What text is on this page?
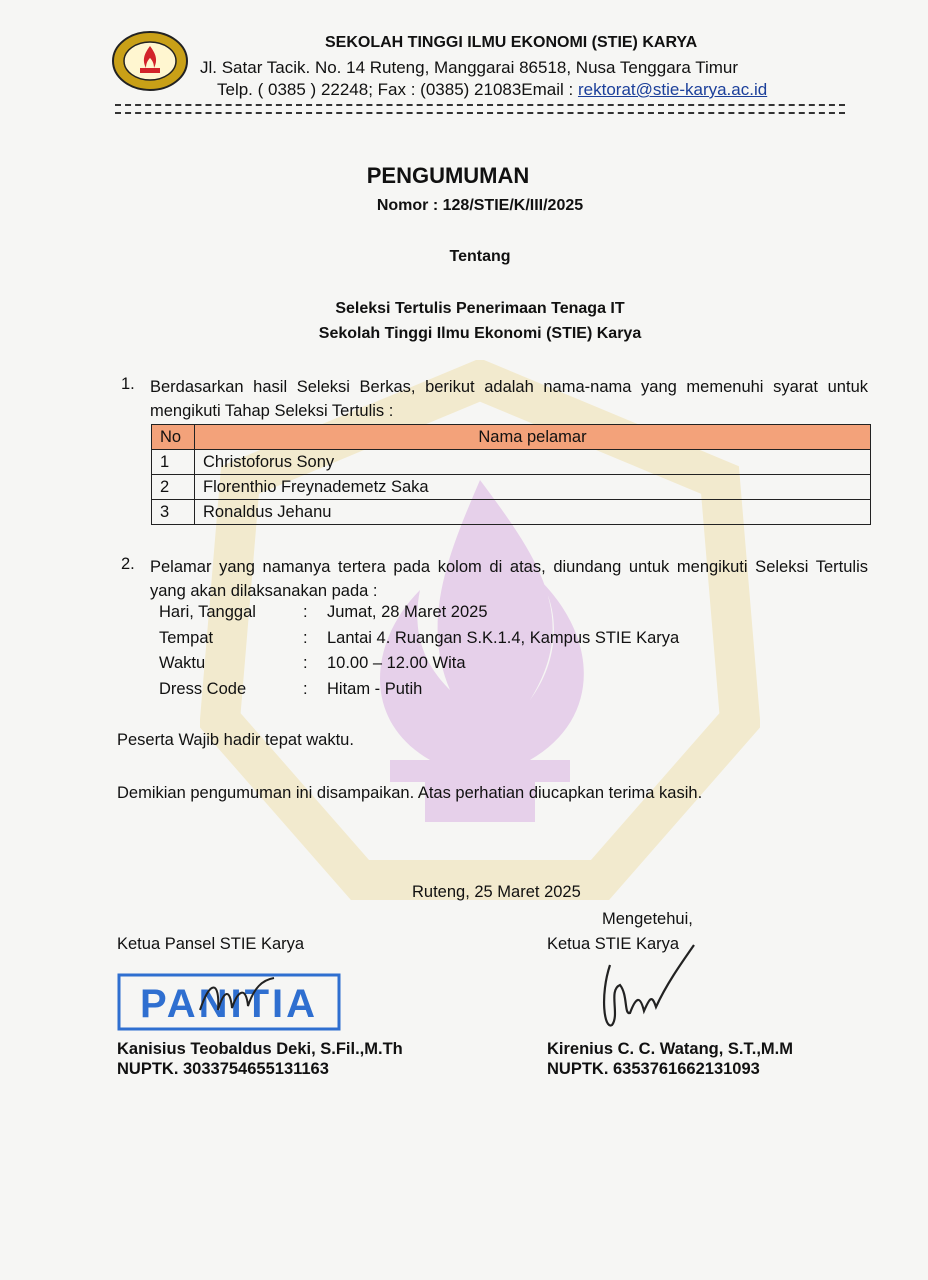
SEKOLAH TINGGI ILMU EKONOMI (STIE) KARYA
Jl. Satar Tacik. No. 14 Ruteng, Manggarai 86518, Nusa Tenggara Timur
Telp. ( 0385 ) 22248; Fax : (0385) 21083Email : rektorat@stie-karya.ac.id
PENGUMUMAN
Nomor : 128/STIE/K/III/2025
Tentang
Seleksi Tertulis Penerimaan Tenaga IT
Sekolah Tinggi Ilmu Ekonomi (STIE) Karya
1. Berdasarkan hasil Seleksi Berkas, berikut adalah nama-nama yang memenuhi syarat untuk mengikuti Tahap Seleksi Tertulis :
No	Nama pelamar
1	Christoforus Sony
2	Florenthio Freynademetz Saka
3	Ronaldus Jehanu
2. Pelamar yang namanya tertera pada kolom di atas, diundang untuk mengikuti Seleksi Tertulis yang akan dilaksanakan pada :
Hari, Tanggal	: Jumat, 28 Maret 2025
Tempat	: Lantai 4. Ruangan S.K.1.4, Kampus STIE Karya
Waktu	: 10.00 – 12.00 Wita
Dress Code	: Hitam - Putih
Peserta Wajib hadir tepat waktu.
Demikian pengumuman ini disampaikan. Atas perhatian diucapkan terima kasih.
Ruteng, 25 Maret 2025
Mengetehui,
Ketua Pansel STIE Karya	Ketua STIE Karya
PANITIA
Kanisius Teobaldus Deki, S.Fil.,M.Th
NUPTK. 3033754655131163
Kirenius C. C. Watang, S.T.,M.M
NUPTK. 6353761662131093
